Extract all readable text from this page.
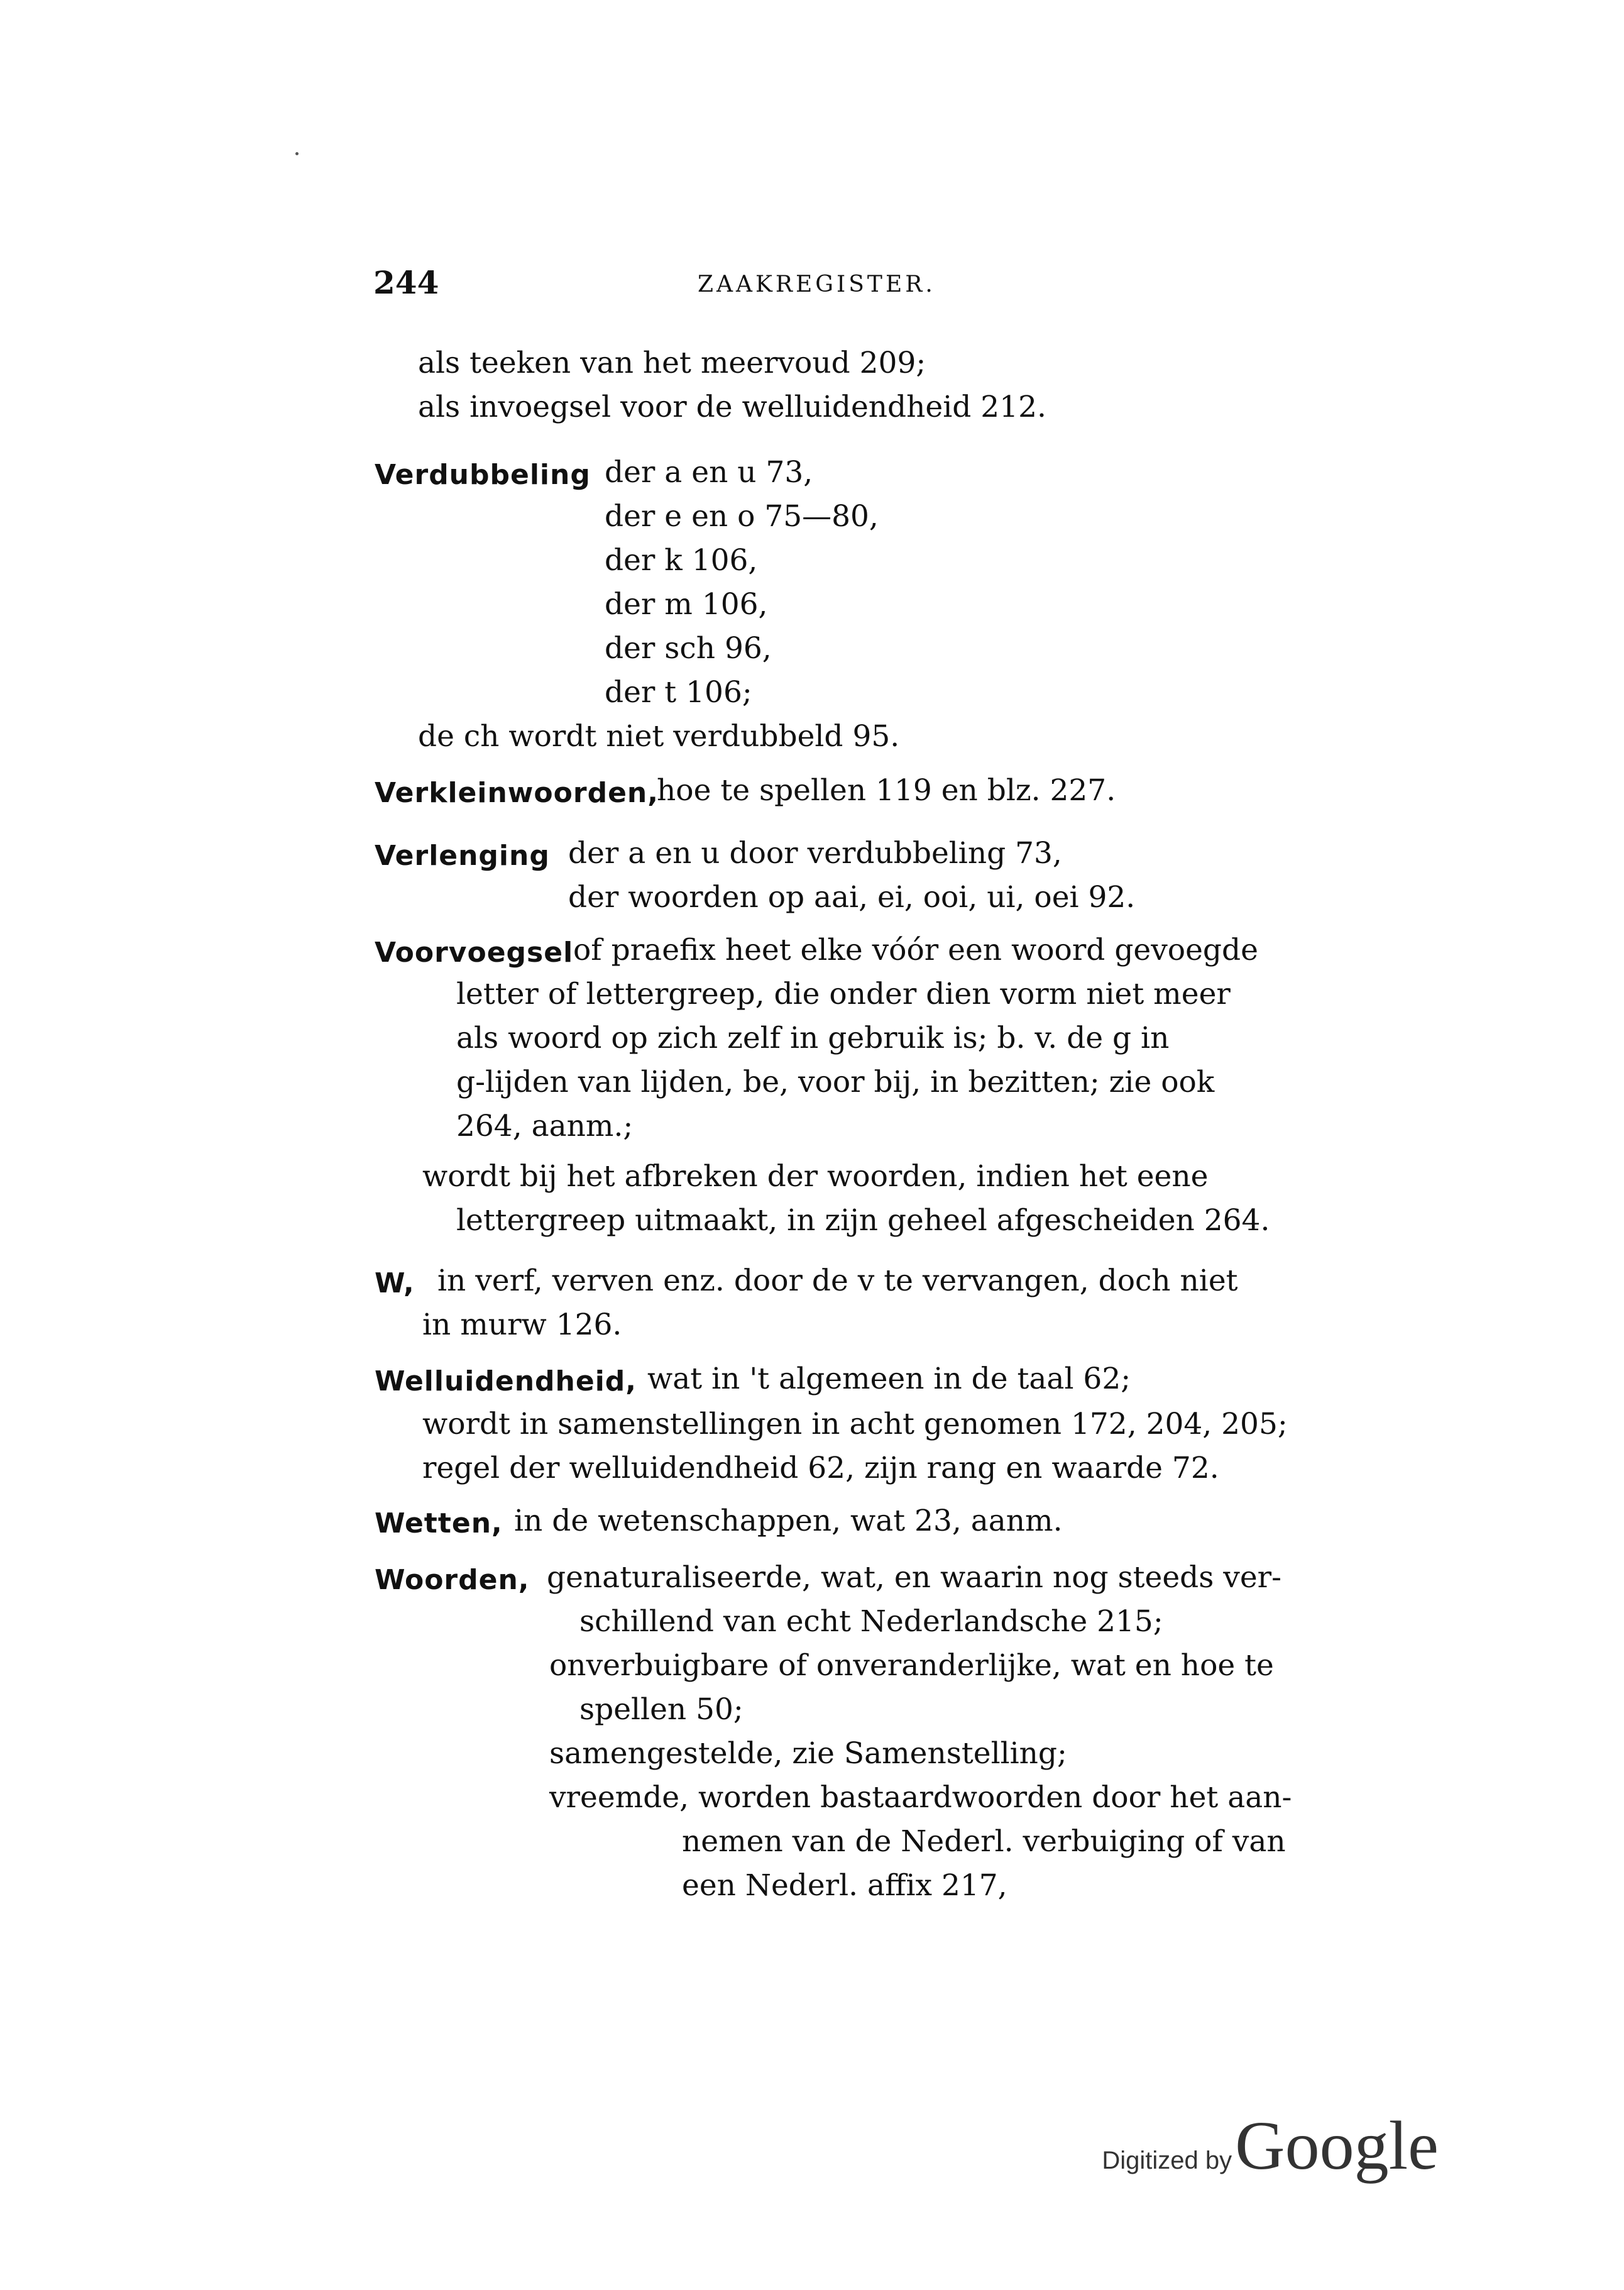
244	ZAAKREGISTER.
als teeken van het meervoud 209;
als invoegsel voor de welluidendheid 212.
Verdubbeling der a en u 73,
der e en o 75—80,
der k 106,
der m 106,
der sch 96,
der t 106;
de ch wordt niet verdubbeld 95.
Verkleinwoorden,
hoe te spellen 119 en blz. 227.
Verlenging der a en u door verdubbeling 73,
der woorden op aai, ei, ooi, ui, oei 92.
Voorvoegsel of praefix heet elke vóór een woord gevoegde
letter of lettergreep, die onder dien vorm niet meer
als woord op zich zelf in gebruik is; b. v. de g in
g-lijden van lijden, be, voor bij, in bezitten; zie ook
264, aanm.;
wordt bij het afbreken der woorden, indien het eene
lettergreep uitmaakt, in zijn geheel afgescheiden 264.
W, in verf, verven enz. door de v te vervangen, doch niet
in murw 126.
Welluidendheid, wat in 't algemeen in de taal 62;
wordt in samenstellingen in acht genomen 172, 204, 205;
regel der welluidendheid 62, zijn rang en waarde 72.
Wetten, in de wetenschappen, wat 23, aanm.
Woorden, genaturaliseerde, wat, en waarin nog steeds ver-
schillend van echt Nederlandsche 215;
onverbuigbare of onveranderlijke, wat en hoe te
spellen 50;
samengestelde, zie Samenstelling;
vreemde, worden bastaardwoorden door het aan-
nemen van de Nederl. verbuiging of van
een Nederl. affix 217,
Digitized by Google
